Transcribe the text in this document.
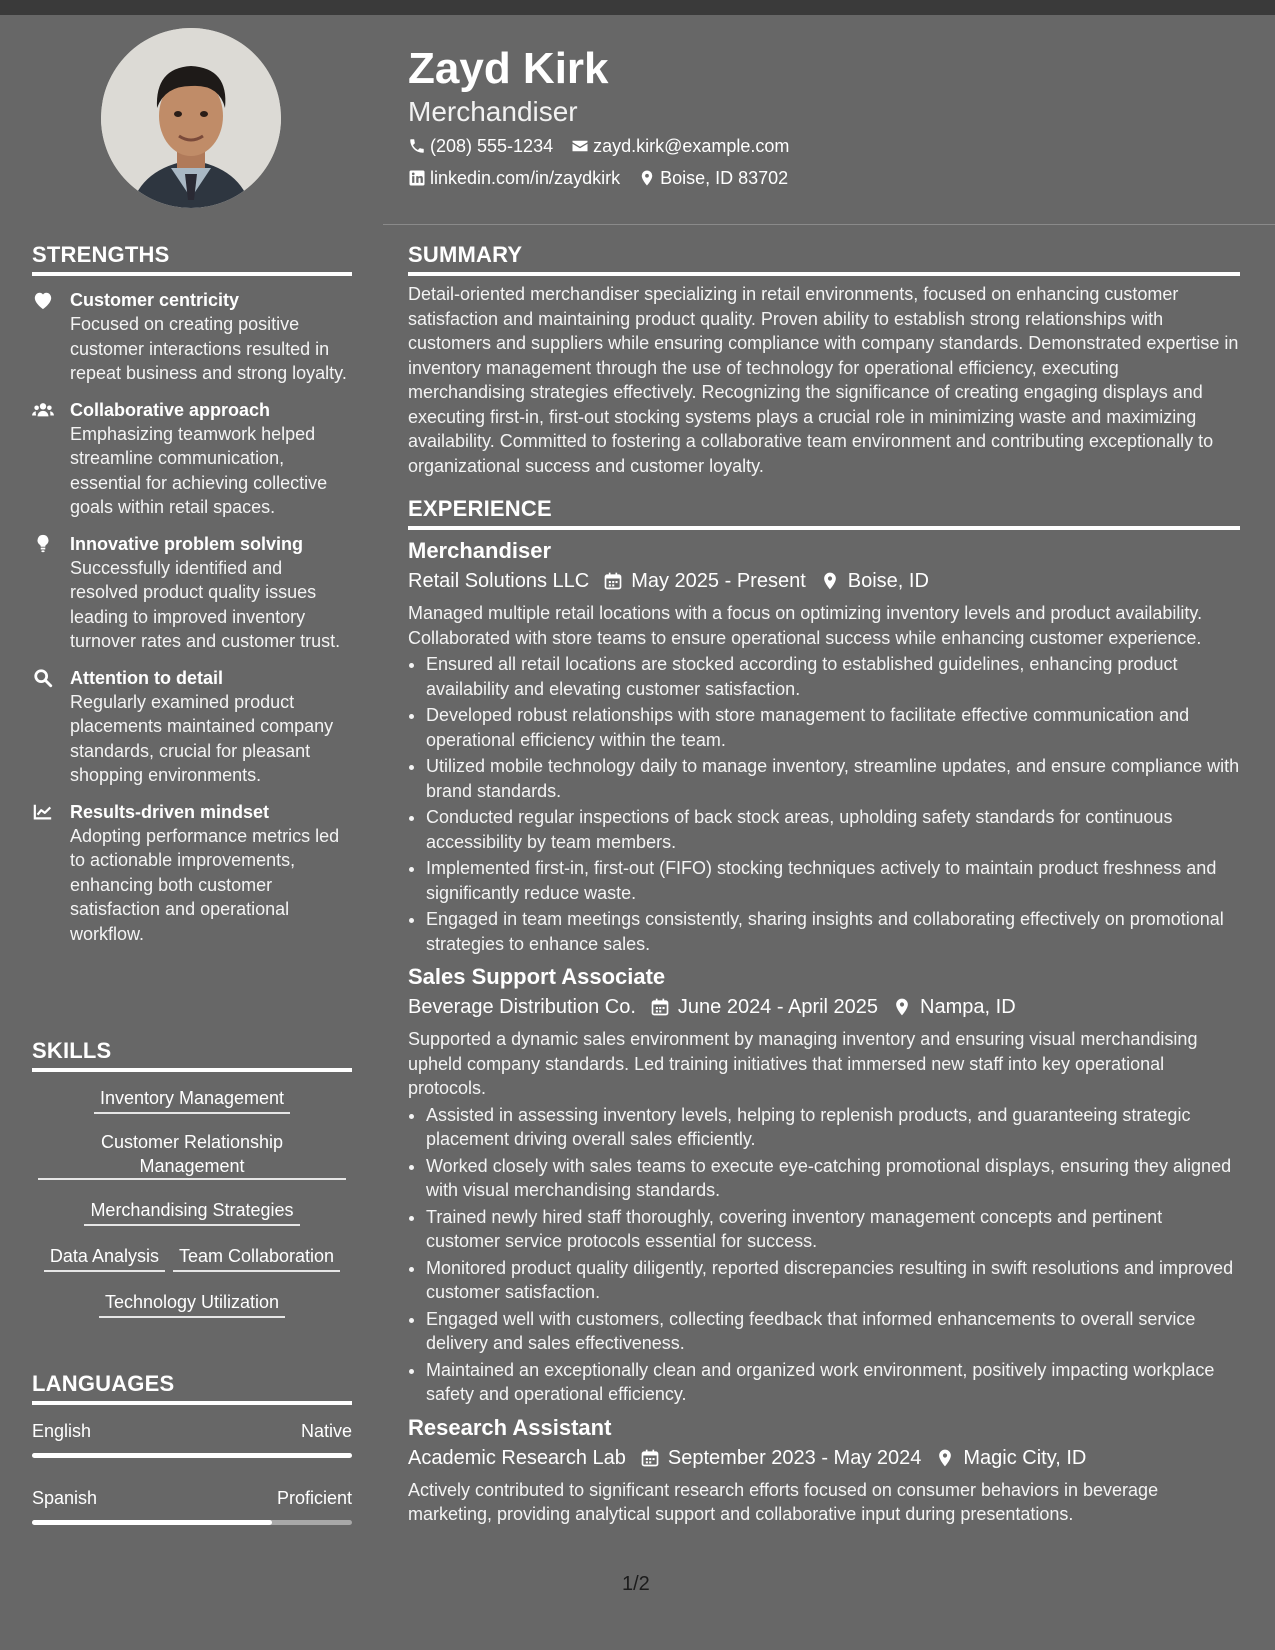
Zayd Kirk
Merchandiser
(208) 555-1234 zayd.kirk@example.com
linkedin.com/in/zaydkirk Boise, ID 83702
STRENGTHS
Customer centricity
Focused on creating positive customer interactions resulted in repeat business and strong loyalty.
Collaborative approach
Emphasizing teamwork helped streamline communication, essential for achieving collective goals within retail spaces.
Innovative problem solving
Successfully identified and resolved product quality issues leading to improved inventory turnover rates and customer trust.
Attention to detail
Regularly examined product placements maintained company standards, crucial for pleasant shopping environments.
Results-driven mindset
Adopting performance metrics led to actionable improvements, enhancing both customer satisfaction and operational workflow.
SKILLS
Inventory Management
Customer Relationship Management
Merchandising Strategies
Data Analysis Team Collaboration
Technology Utilization
LANGUAGES
English	Native
Spanish	Proficient
SUMMARY
Detail-oriented merchandiser specializing in retail environments, focused on enhancing customer satisfaction and maintaining product quality. Proven ability to establish strong relationships with customers and suppliers while ensuring compliance with company standards. Demonstrated expertise in inventory management through the use of technology for operational efficiency, executing merchandising strategies effectively. Recognizing the significance of creating engaging displays and executing first-in, first-out stocking systems plays a crucial role in minimizing waste and maximizing availability. Committed to fostering a collaborative team environment and contributing exceptionally to organizational success and customer loyalty.
EXPERIENCE
Merchandiser
Retail Solutions LLC May 2025 - Present Boise, ID
Managed multiple retail locations with a focus on optimizing inventory levels and product availability. Collaborated with store teams to ensure operational success while enhancing customer experience.
• Ensured all retail locations are stocked according to established guidelines, enhancing product availability and elevating customer satisfaction.
• Developed robust relationships with store management to facilitate effective communication and operational efficiency within the team.
• Utilized mobile technology daily to manage inventory, streamline updates, and ensure compliance with brand standards.
• Conducted regular inspections of back stock areas, upholding safety standards for continuous accessibility by team members.
• Implemented first-in, first-out (FIFO) stocking techniques actively to maintain product freshness and significantly reduce waste.
• Engaged in team meetings consistently, sharing insights and collaborating effectively on promotional strategies to enhance sales.
Sales Support Associate
Beverage Distribution Co. June 2024 - April 2025 Nampa, ID
Supported a dynamic sales environment by managing inventory and ensuring visual merchandising upheld company standards. Led training initiatives that immersed new staff into key operational protocols.
• Assisted in assessing inventory levels, helping to replenish products, and guaranteeing strategic placement driving overall sales efficiently.
• Worked closely with sales teams to execute eye-catching promotional displays, ensuring they aligned with visual merchandising standards.
• Trained newly hired staff thoroughly, covering inventory management concepts and pertinent customer service protocols essential for success.
• Monitored product quality diligently, reported discrepancies resulting in swift resolutions and improved customer satisfaction.
• Engaged well with customers, collecting feedback that informed enhancements to overall service delivery and sales effectiveness.
• Maintained an exceptionally clean and organized work environment, positively impacting workplace safety and operational efficiency.
Research Assistant
Academic Research Lab September 2023 - May 2024 Magic City, ID
Actively contributed to significant research efforts focused on consumer behaviors in beverage marketing, providing analytical support and collaborative input during presentations.
1/2
